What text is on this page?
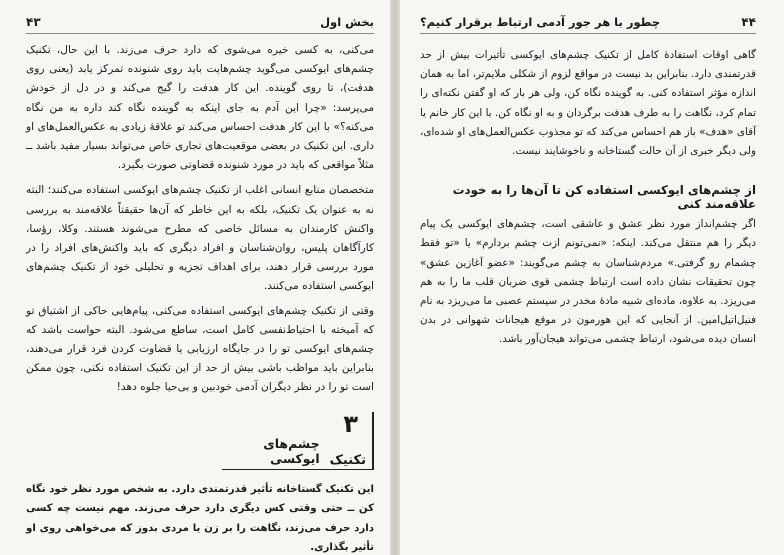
بخش اول
۴۳

می‌کنی، به کسی خیره می‌شوی که دارد حرف می‌زند. با این حال، تکنیک چشم‌های ایوکسی می‌گوید چشم‌هایت باید روی شنونده تمرکز یابد (یعنی روی هدفت)، تا روی گوینده. این کار هدفت را گیج می‌کند و در دل از خودش می‌پرسد: «چرا این آدم به جای اینکه به گوینده نگاه کند داره به من نگاه می‌کنه؟» با این کار هدفت احساس می‌کند تو علاقهٔ زیادی به عکس‌العمل‌های او داری. این تکنیک در بعضی موقعیت‌های تجاری خاص می‌تواند بسیار مفید باشد ــ مثلاً مواقعی که باید در مورد شنونده قضاوتی صورت بگیرد.

متخصصان منابع انسانی اغلب از تکنیک چشم‌های ایوکسی استفاده می‌کنند؛ البته نه به عنوان یک تکنیک، بلکه به این خاطر که آن‌ها حقیقتاً علاقه‌مند به بررسی واکنش کارمندان به مسائل خاصی که مطرح می‌شوند هستند. وکلا، رؤسا، کارآگاهان پلیس، روان‌شناسان و افراد دیگری که باید واکنش‌های افراد را در مورد بررسی قرار دهند، برای اهداف تجزیه و تحلیلی خود از تکنیک چشم‌های ایوکسی استفاده می‌کنند.

وقتی از تکنیک چشم‌های ایوکسی استفاده می‌کنی، پیام‌هایی حاکی از اشتیاق تو که آمیخته با احتیاط‌نفسی کامل است، ساطع می‌شود. البته حواست باشد که چشم‌های ایوکسی تو را در جایگاه ارزیابی یا قضاوت کردن فرد قرار می‌دهند، بنابراین باید مواظب باشی بیش از حد از این تکنیک استفاده نکنی، چون ممکن است تو را در نظر دیگران آدمی خودبین و بی‌حیا جلوه دهد!

۳
تکنیک
چشم‌های ایوکسی

این تکنیک گستاخانه تأثیر قدرتمندی دارد. به شخص مورد نظر خود نگاه کن ــ حتی وقتی کس دیگری دارد حرف می‌زند. مهم نیست چه کسی دارد حرف می‌زند، نگاهت را بر زن یا مردی بدوز که می‌خواهی روی او تأثیر بگذاری.

۴۴
چطور با هر جور آدمی ارتباط برقرار کنیم؟

گاهی اوقات استفادهٔ کامل از تکنیک چشم‌های ایوکسی تأثیرات بیش از حد قدرتمندی دارد. بنابراین بد نیست در مواقع لزوم از شکلی ملایم‌تر، اما به همان اندازه مؤثر استفاده کنی. به گوینده نگاه کن، ولی هر بار که او گفتن نکته‌ای را تمام کرد، نگاهت را به طرف هدفت برگردان و به او نگاه کن. با این کار خانم یا آقای «هدف» باز هم احساس می‌کند که تو مجذوب عکس‌العمل‌های او شده‌ای، ولی دیگر خبری از آن حالت گستاخانه و ناخوشایند نیست.

از چشم‌های ایوکسی استفاده کن تا آن‌ها را به خودت علاقه‌مند کنی

اگر چشم‌انداز مورد نظر عشق و عاشقی است، چشم‌های ایوکسی یک پیام دیگر را هم منتقل می‌کند. اینکه: «نمی‌تونم ازت چشم بردارم» یا «تو فقط چشمام رو گرفتی.» مردم‌شناسان به چشم می‌گویند: «عضو آغازین عشق» چون تحقیقات نشان داده است ارتباط چشمی قوی ضربان قلب ما را به هم می‌ریزد. به علاوه، ماده‌ای شبیه مادهٔ مخدر در سیستم عصبی ما می‌ریزد به نام فنیل‌اتیل‌امین. از آنجایی که این هورمون در موقع هیجانات شهوانی در بدن انسان دیده می‌شود، ارتباط چشمی می‌تواند هیجان‌آور باشد.
